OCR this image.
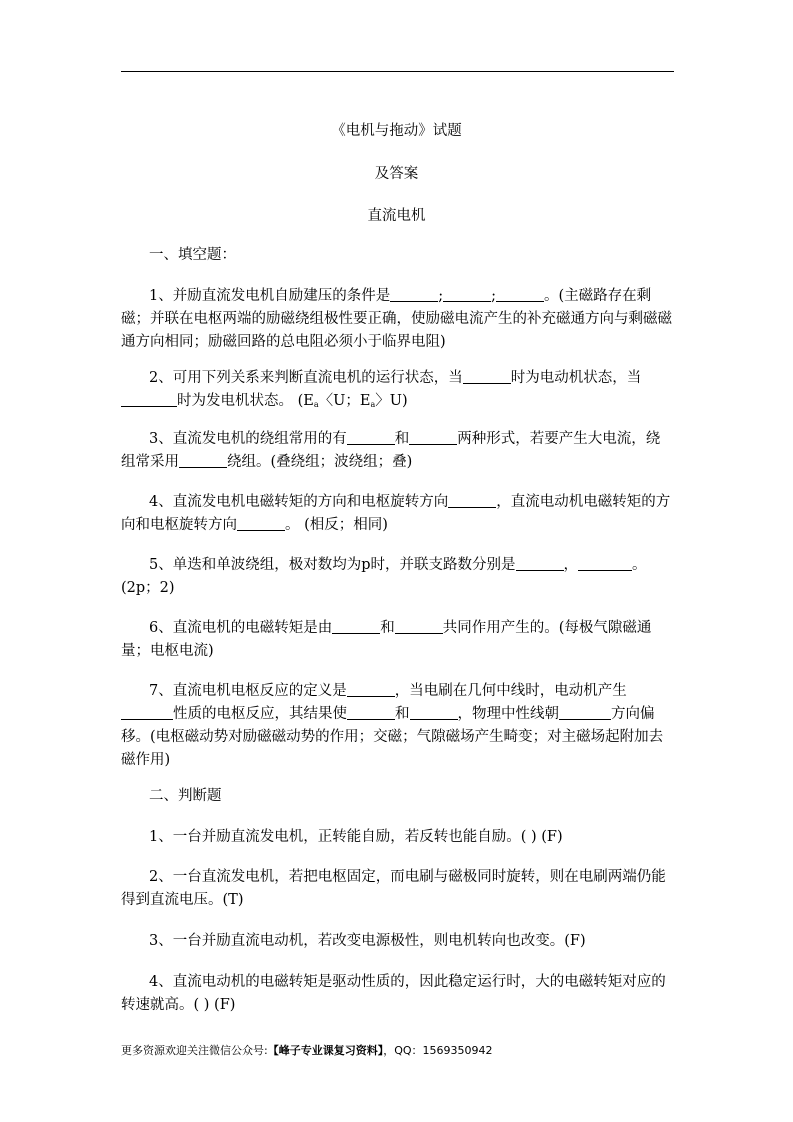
《电机与拖动》试题
及答案
直流电机
一、填空题：
1、并励直流发电机自励建压的条件是	;	;	。(主磁路存在剩磁；并联在电枢两端的励磁绕组极性要正确，使励磁电流产生的补充磁通方向与剩磁磁通方向相同；励磁回路的总电阻必须小于临界电阻)
2、可用下列关系来判断直流电机的运行状态，当	时为电动机状态，当时为发电机状态。 ($E_a$〈U；$E_a$〉U)
3、直流发电机的绕组常用的有	和	两种形式，若要产生大电流，绕组常采用	绕组。(叠绕组；波绕组；叠)
4、直流发电机电磁转矩的方向和电枢旋转方向	，直流电动机电磁转矩的方向和电枢旋转方向	。 (相反；相同)
5、单迭和单波绕组，极对数均为p时，并联支路数分别是	，	。(2p；2)
6、直流电机的电磁转矩是由	和	共同作用产生的。(每极气隙磁通量；电枢电流)
7、直流电机电枢反应的定义是	，当电刷在几何中线时，电动机产生性质的电枢反应，其结果使	和	，物理中性线朝	方向偏移。(电枢磁动势对励磁磁动势的作用；交磁；气隙磁场产生畸变；对主磁场起附加去磁作用)
二、判断题
1、一台并励直流发电机，正转能自励，若反转也能自励。( ) (F)
2、一台直流发电机，若把电枢固定，而电刷与磁极同时旋转，则在电刷两端仍能得到直流电压。(T)
3、一台并励直流电动机，若改变电源极性，则电机转向也改变。(F)
4、直流电动机的电磁转矩是驱动性质的，因此稳定运行时，大的电磁转矩对应的转速就高。( ) (F)
更多资源欢迎关注微信公众号:【峰子专业课复习资料】，QQ：1569350942
